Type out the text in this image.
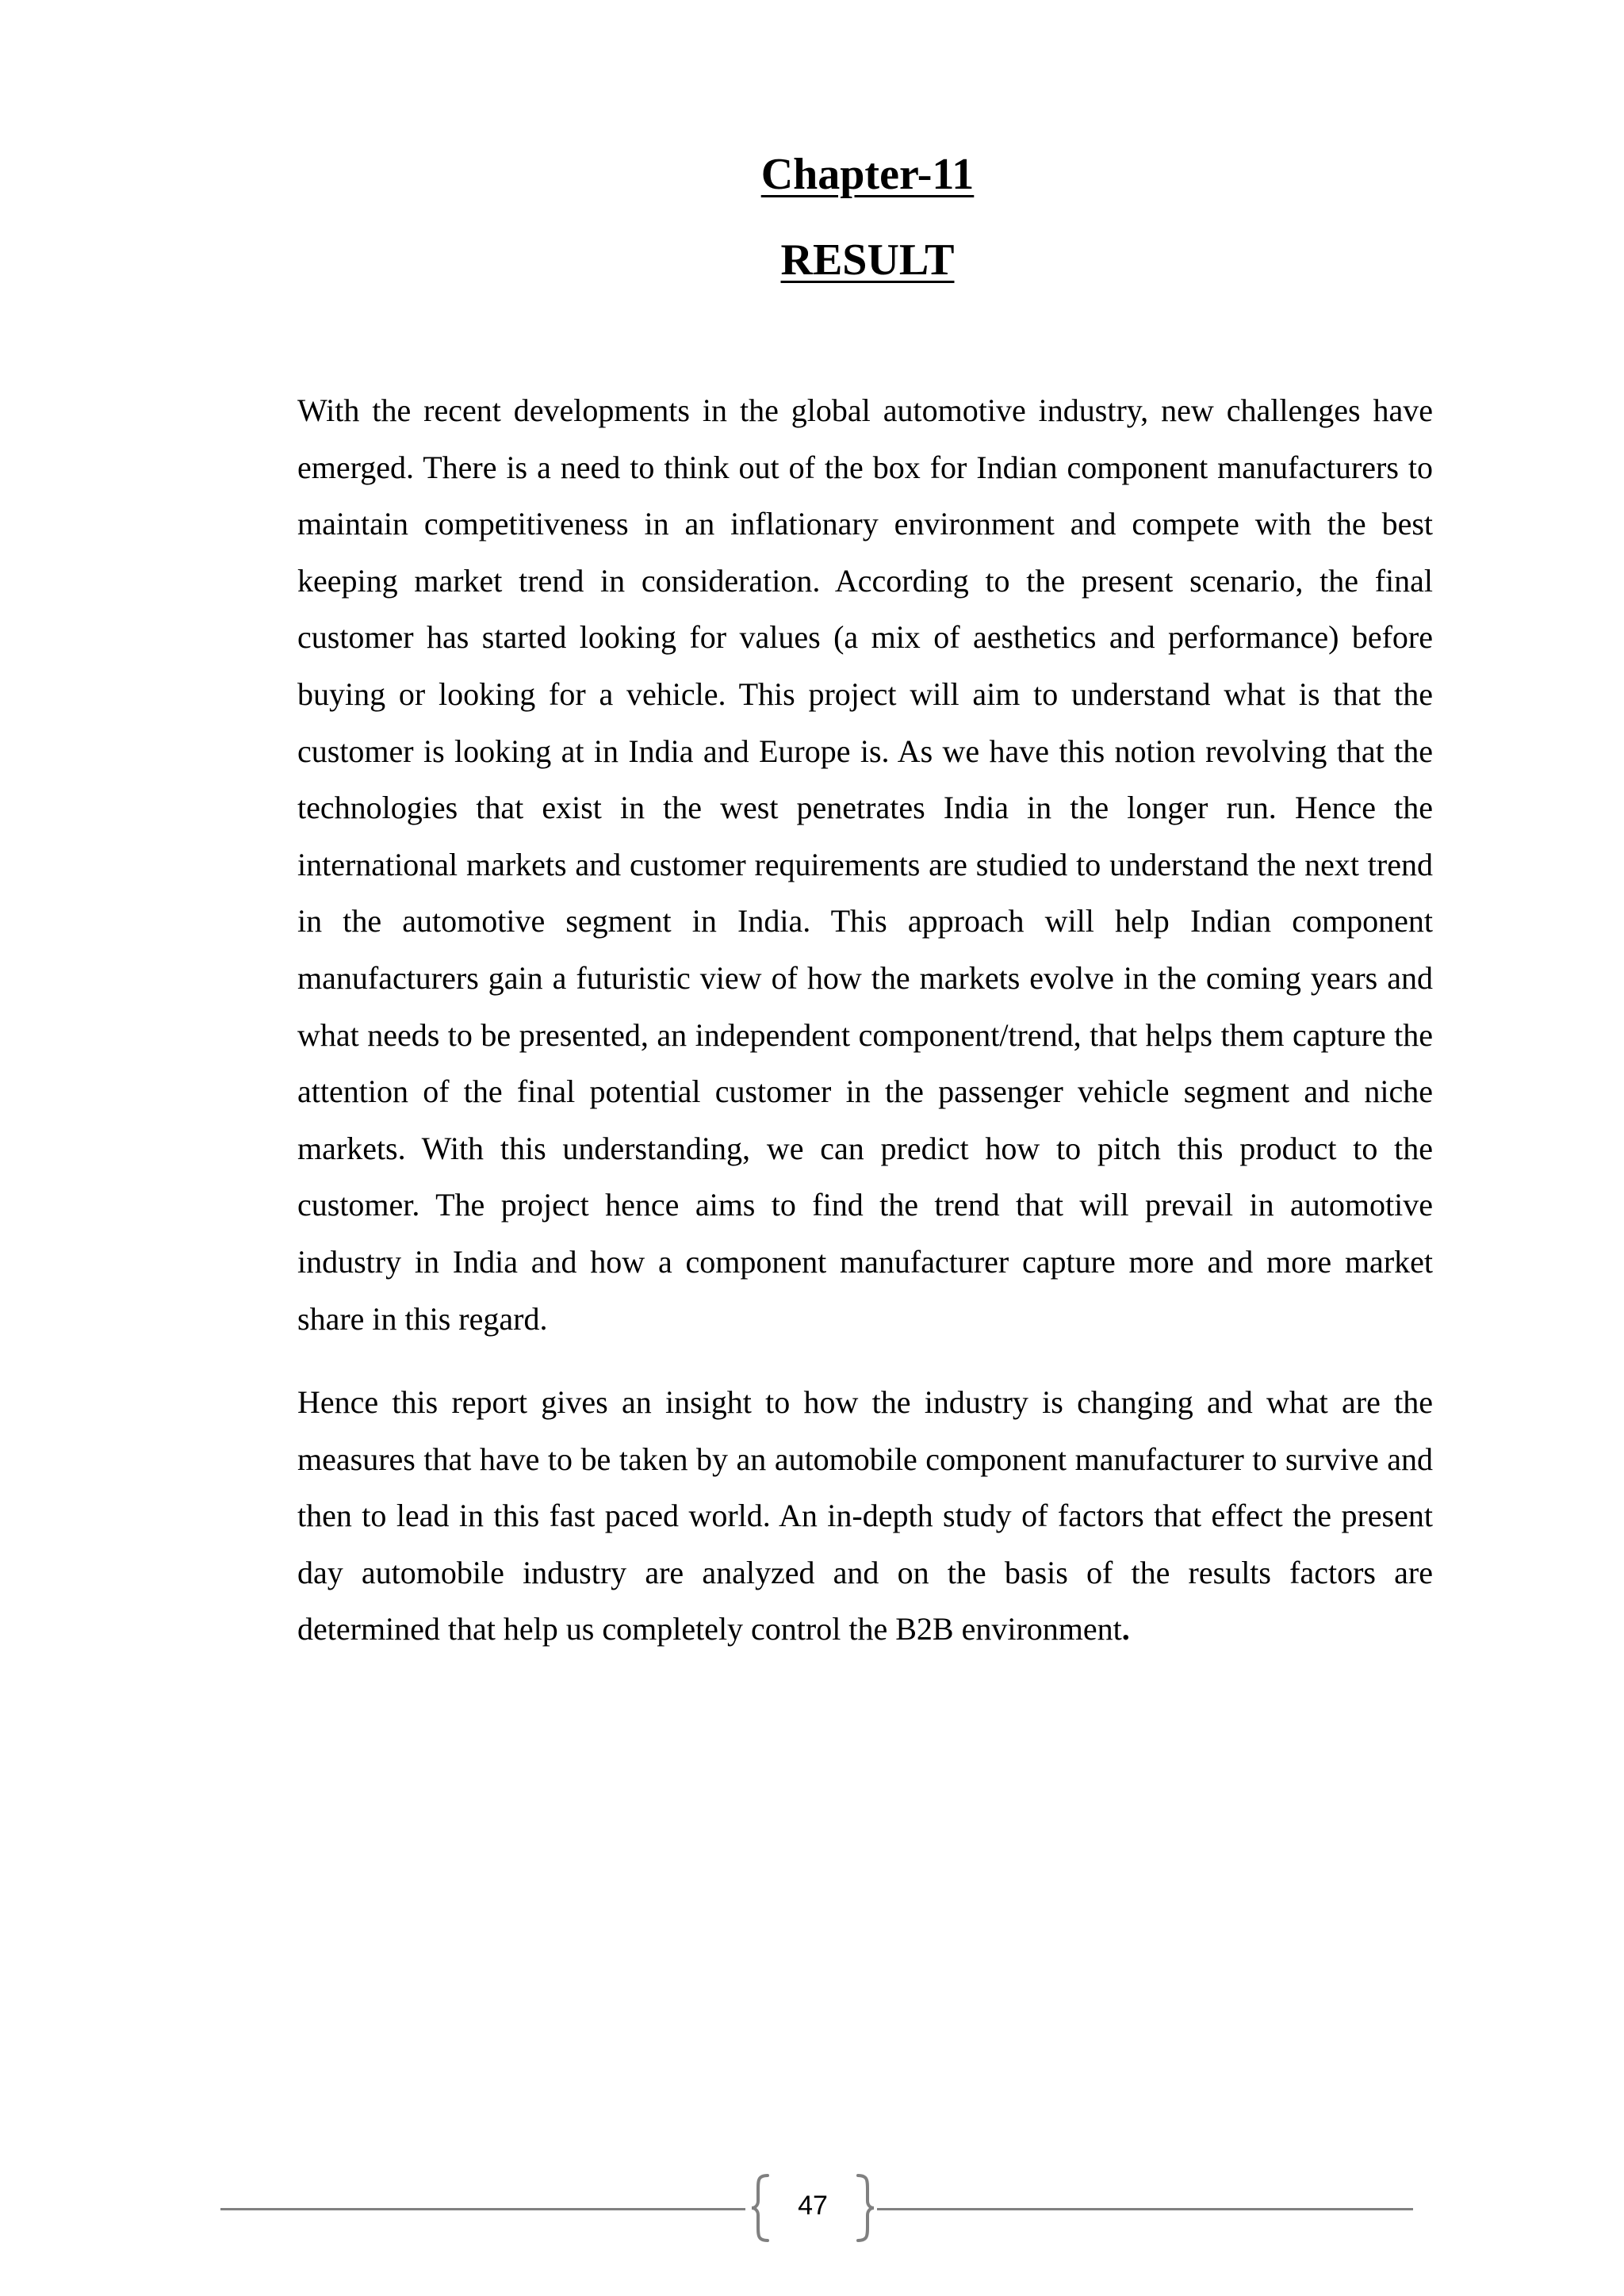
Chapter-11
RESULT

With the recent developments in the global automotive industry, new challenges have emerged. There is a need to think out of the box for Indian component manufacturers to maintain competitiveness in an inflationary environment and compete with the best keeping market trend in consideration. According to the present scenario, the final customer has started looking for values (a mix of aesthetics and performance) before buying or looking for a vehicle. This project will aim to understand what is that the customer is looking at in India and Europe is. As we have this notion revolving that the technologies that exist in the west penetrates India in the longer run. Hence the international markets and customer requirements are studied to understand the next trend in the automotive segment in India. This approach will help Indian component manufacturers gain a futuristic view of how the markets evolve in the coming years and what needs to be presented, an independent component/trend, that helps them capture the attention of the final potential customer in the passenger vehicle segment and niche markets. With this understanding, we can predict how to pitch this product to the customer. The project hence aims to find the trend that will prevail in automotive industry in India and how a component manufacturer capture more and more market share in this regard.

Hence this report gives an insight to how the industry is changing and what are the measures that have to be taken by an automobile component manufacturer to survive and then to lead in this fast paced world. An in-depth study of factors that effect the present day automobile industry are analyzed and on the basis of the results factors are determined that help us completely control the B2B environment.

47
